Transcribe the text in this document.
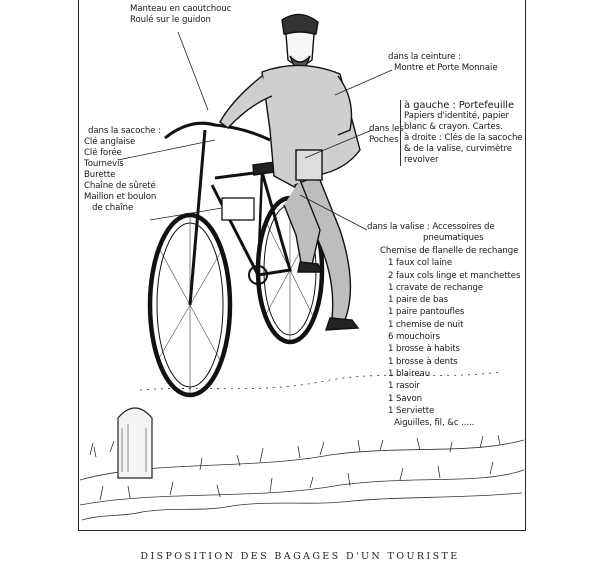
Manteau en caoutchouc
Roulé sur le guidon
dans la ceinture :
Montre et Porte Monnaie
dans les
Poches
à gauche : Portefeuille
Papiers d'identité, papier
blanc & crayon. Cartes.
à droite : Clés de la sacoche
& de la valise, curvimètre
revolver
dans la sacoche :
Clé anglaise
Clé forée
Tournevis
Burette
Chaîne de sûreté
Maillon et boulon
de chaîne
dans la valise : Accessoires de
pneumatiques
Chemise de flanelle de rechange
1 faux col laine
2 faux cols linge et manchettes
1 cravate de rechange
1 paire de bas
1 paire pantoufles
1 chemise de nuit
6 mouchoirs
1 brosse à habits
1 brosse à dents
1 blaireau
1 rasoir
1 Savon
1 Serviette
Aiguilles, fil, &c .....
DISPOSITION DES BAGAGES D'UN TOURISTE
